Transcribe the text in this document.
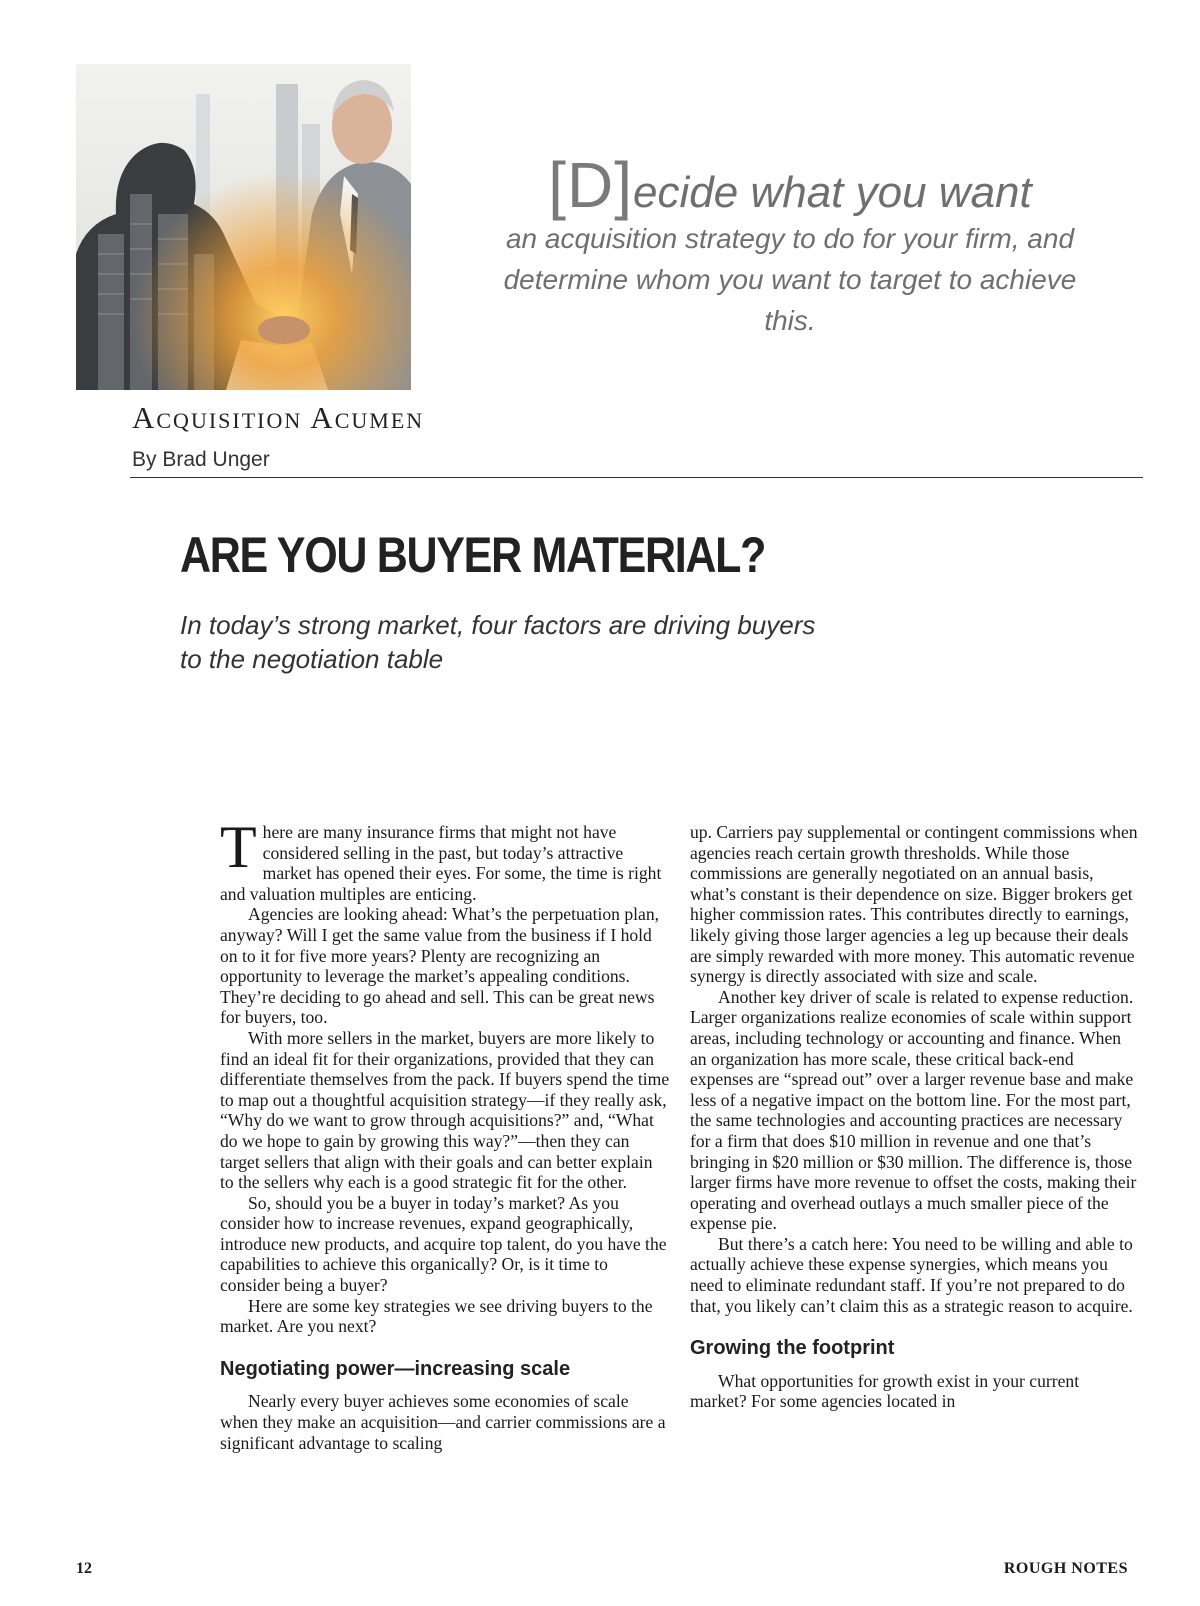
[D]ecide what you want
an acquisition strategy to do for your firm, and determine whom you want to target to achieve this.
Acquisition Acumen
By Brad Unger
ARE YOU BUYER MATERIAL?
In today’s strong market, four factors are driving buyers
to the negotiation table

There are many insurance firms that might not have considered selling in the past, but today’s attractive market has opened their eyes. For some, the time is right and valuation multiples are enticing.

Agencies are looking ahead: What’s the perpetuation plan, anyway? Will I get the same value from the business if I hold on to it for five more years? Plenty are recognizing an opportunity to leverage the market’s appealing conditions. They’re deciding to go ahead and sell. This can be great news for buyers, too.

With more sellers in the market, buyers are more likely to find an ideal fit for their organizations, provided that they can differentiate themselves from the pack. If buyers spend the time to map out a thoughtful acquisition strategy—if they really ask, “Why do we want to grow through acquisitions?” and, “What do we hope to gain by growing this way?”—then they can target sellers that align with their goals and can better explain to the sellers why each is a good strategic fit for the other.

So, should you be a buyer in today’s market? As you consider how to increase revenues, expand geographically, introduce new products, and acquire top talent, do you have the capabilities to achieve this organically? Or, is it time to consider being a buyer?

Here are some key strategies we see driving buyers to the market. Are you next?

Negotiating power—increasing scale

Nearly every buyer achieves some economies of scale when they make an acquisition—and carrier commissions are a significant advantage to scaling

up. Carriers pay supplemental or contingent commissions when agencies reach certain growth thresholds. While those commissions are generally negotiated on an annual basis, what’s constant is their dependence on size. Bigger brokers get higher commission rates. This contributes directly to earnings, likely giving those larger agencies a leg up because their deals are simply rewarded with more money. This automatic revenue synergy is directly associated with size and scale.

Another key driver of scale is related to expense reduction. Larger organizations realize economies of scale within support areas, including technology or accounting and finance. When an organization has more scale, these critical back-end expenses are “spread out” over a larger revenue base and make less of a negative impact on the bottom line. For the most part, the same technologies and accounting practices are necessary for a firm that does $10 million in revenue and one that’s bringing in $20 million or $30 million. The difference is, those larger firms have more revenue to offset the costs, making their operating and overhead outlays a much smaller piece of the expense pie.

But there’s a catch here: You need to be willing and able to actually achieve these expense synergies, which means you need to eliminate redundant staff. If you’re not prepared to do that, you likely can’t claim this as a strategic reason to acquire.

Growing the footprint

What opportunities for growth exist in your current market? For some agencies located in

12	ROUGH NOTES
